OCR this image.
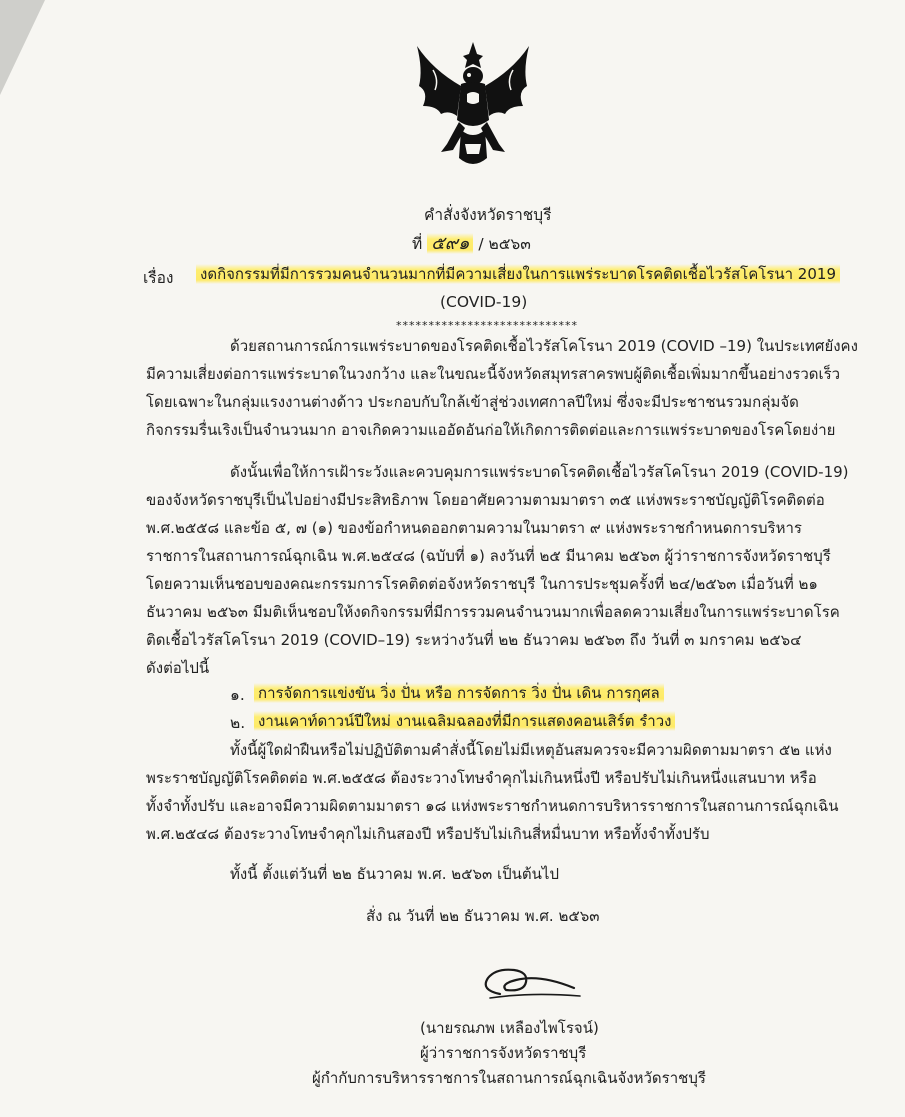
คำสั่งจังหวัดราชบุรี
ที่ ๕๙๑ / ๒๕๖๓
เรื่อง งดกิจกรรมที่มีการรวมคนจำนวนมากที่มีความเสี่ยงในการแพร่ระบาดโรคติดเชื้อไวรัสโคโรนา 2019
(COVID-19)
****************************
ด้วยสถานการณ์การแพร่ระบาดของโรคติดเชื้อไวรัสโคโรนา 2019 (COVID –19) ในประเทศยังคง
มีความเสี่ยงต่อการแพร่ระบาดในวงกว้าง และในขณะนี้จังหวัดสมุทรสาครพบผู้ติดเชื้อเพิ่มมากขึ้นอย่างรวดเร็ว
โดยเฉพาะในกลุ่มแรงงานต่างด้าว ประกอบกับใกล้เข้าสู่ช่วงเทศกาลปีใหม่ ซึ่งจะมีประชาชนรวมกลุ่มจัด
กิจกรรมรื่นเริงเป็นจำนวนมาก อาจเกิดความแออัดอันก่อให้เกิดการติดต่อและการแพร่ระบาดของโรคโดยง่าย
ดังนั้นเพื่อให้การเฝ้าระวังและควบคุมการแพร่ระบาดโรคติดเชื้อไวรัสโคโรนา 2019 (COVID-19)
ของจังหวัดราชบุรีเป็นไปอย่างมีประสิทธิภาพ โดยอาศัยความตามมาตรา ๓๕ แห่งพระราชบัญญัติโรคติดต่อ
พ.ศ.๒๕๕๘ และข้อ ๕, ๗ (๑) ของข้อกำหนดออกตามความในมาตรา ๙ แห่งพระราชกำหนดการบริหาร
ราชการในสถานการณ์ฉุกเฉิน พ.ศ.๒๕๔๘ (ฉบับที่ ๑) ลงวันที่ ๒๕ มีนาคม ๒๕๖๓ ผู้ว่าราชการจังหวัดราชบุรี
โดยความเห็นชอบของคณะกรรมการโรคติดต่อจังหวัดราชบุรี ในการประชุมครั้งที่ ๒๔/๒๕๖๓ เมื่อวันที่ ๒๑
ธันวาคม ๒๕๖๓ มีมติเห็นชอบให้งดกิจกรรมที่มีการรวมคนจำนวนมากเพื่อลดความเสี่ยงในการแพร่ระบาดโรค
ติดเชื้อไวรัสโคโรนา 2019 (COVID–19) ระหว่างวันที่ ๒๒ ธันวาคม ๒๕๖๓ ถึง วันที่ ๓ มกราคม ๒๕๖๔
ดังต่อไปนี้
๑. การจัดการแข่งขัน วิ่ง ปั่น หรือ การจัดการ วิ่ง ปั่น เดิน การกุศล
๒. งานเคาท์ดาวน์ปีใหม่ งานเฉลิมฉลองที่มีการแสดงคอนเสิร์ต รำวง
ทั้งนี้ผู้ใดฝ่าฝืนหรือไม่ปฏิบัติตามคำสั่งนี้โดยไม่มีเหตุอันสมควรจะมีความผิดตามมาตรา ๕๒ แห่ง
พระราชบัญญัติโรคติดต่อ พ.ศ.๒๕๕๘ ต้องระวางโทษจำคุกไม่เกินหนึ่งปี หรือปรับไม่เกินหนึ่งแสนบาท หรือ
ทั้งจำทั้งปรับ และอาจมีความผิดตามมาตรา ๑๘ แห่งพระราชกำหนดการบริหารราชการในสถานการณ์ฉุกเฉิน
พ.ศ.๒๕๔๘ ต้องระวางโทษจำคุกไม่เกินสองปี หรือปรับไม่เกินสี่หมื่นบาท หรือทั้งจำทั้งปรับ
ทั้งนี้ ตั้งแต่วันที่ ๒๒ ธันวาคม พ.ศ. ๒๕๖๓ เป็นต้นไป
สั่ง ณ วันที่ ๒๒ ธันวาคม พ.ศ. ๒๕๖๓
(นายรณภพ เหลืองไพโรจน์)
ผู้ว่าราชการจังหวัดราชบุรี
ผู้กำกับการบริหารราชการในสถานการณ์ฉุกเฉินจังหวัดราชบุรี
